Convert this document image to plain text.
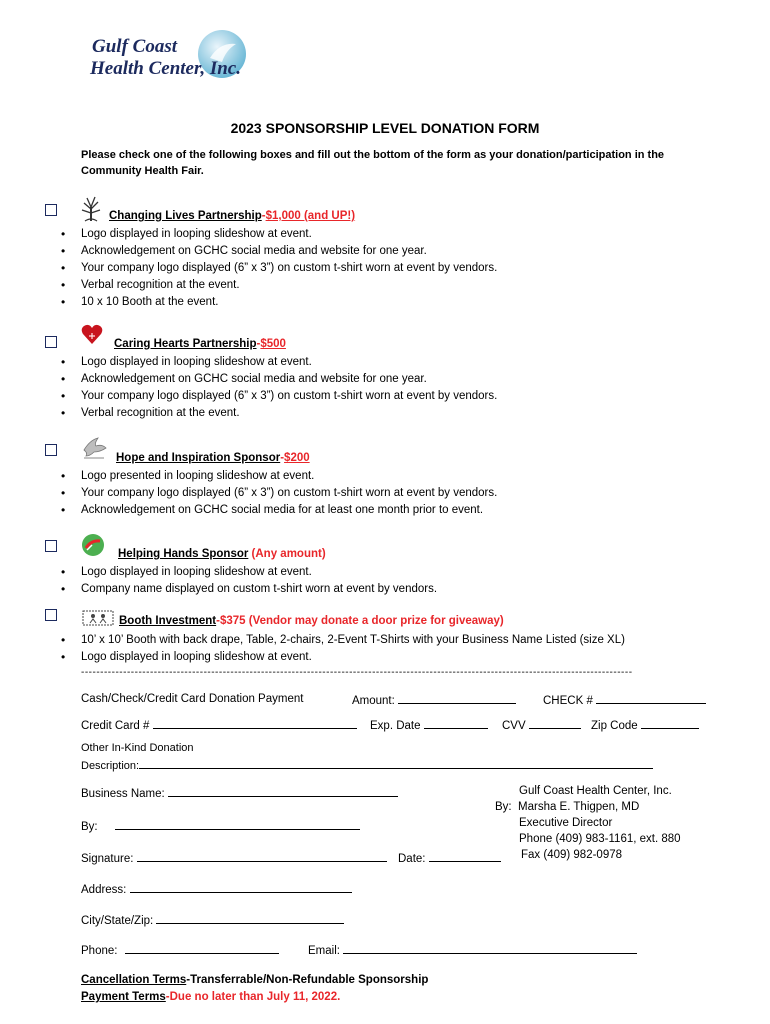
Gulf Coast
Health Center, Inc.
2023 SPONSORSHIP LEVEL DONATION FORM
Please check one of the following boxes and fill out the bottom of the form as your donation/participation in the Community Health Fair.
Changing Lives Partnership-$1,000 (and UP!)
• Logo displayed in looping slideshow at event.
• Acknowledgement on GCHC social media and website for one year.
• Your company logo displayed (6” x 3”) on custom t-shirt worn at event by vendors.
• Verbal recognition at the event.
• 10 x 10 Booth at the event.
Caring Hearts Partnership-$500
• Logo displayed in looping slideshow at event.
• Acknowledgement on GCHC social media and website for one year.
• Your company logo displayed (6” x 3”) on custom t-shirt worn at event by vendors.
• Verbal recognition at the event.
Hope and Inspiration Sponsor-$200
• Logo presented in looping slideshow at event.
• Your company logo displayed (6” x 3”) on custom t-shirt worn at event by vendors.
• Acknowledgement on GCHC social media for at least one month prior to event.
Helping Hands Sponsor (Any amount)
• Logo displayed in looping slideshow at event.
• Company name displayed on custom t-shirt worn at event by vendors.
Booth Investment-$375 (Vendor may donate a door prize for giveaway)
• 10’ x 10’ Booth with back drape, Table, 2-chairs, 2-Event T-Shirts with your Business Name Listed (size XL)
• Logo displayed in looping slideshow at event.
------------------------------------------------------------------------------------------------------------------------------------------------
Cash/Check/Credit Card Donation Payment	Amount:	CHECK #
Credit Card #	Exp. Date	CVV	Zip Code
Other In-Kind Donation
Description:
Business Name:
By:
Signature:	Date:
Gulf Coast Health Center, Inc.
By: Marsha E. Thigpen, MD
Executive Director
Phone (409) 983-1161, ext. 880
Fax (409) 982-0978
Address:
City/State/Zip:
Phone:	Email:
Cancellation Terms-Transferrable/Non-Refundable Sponsorship
Payment Terms-Due no later than July 11, 2022.
